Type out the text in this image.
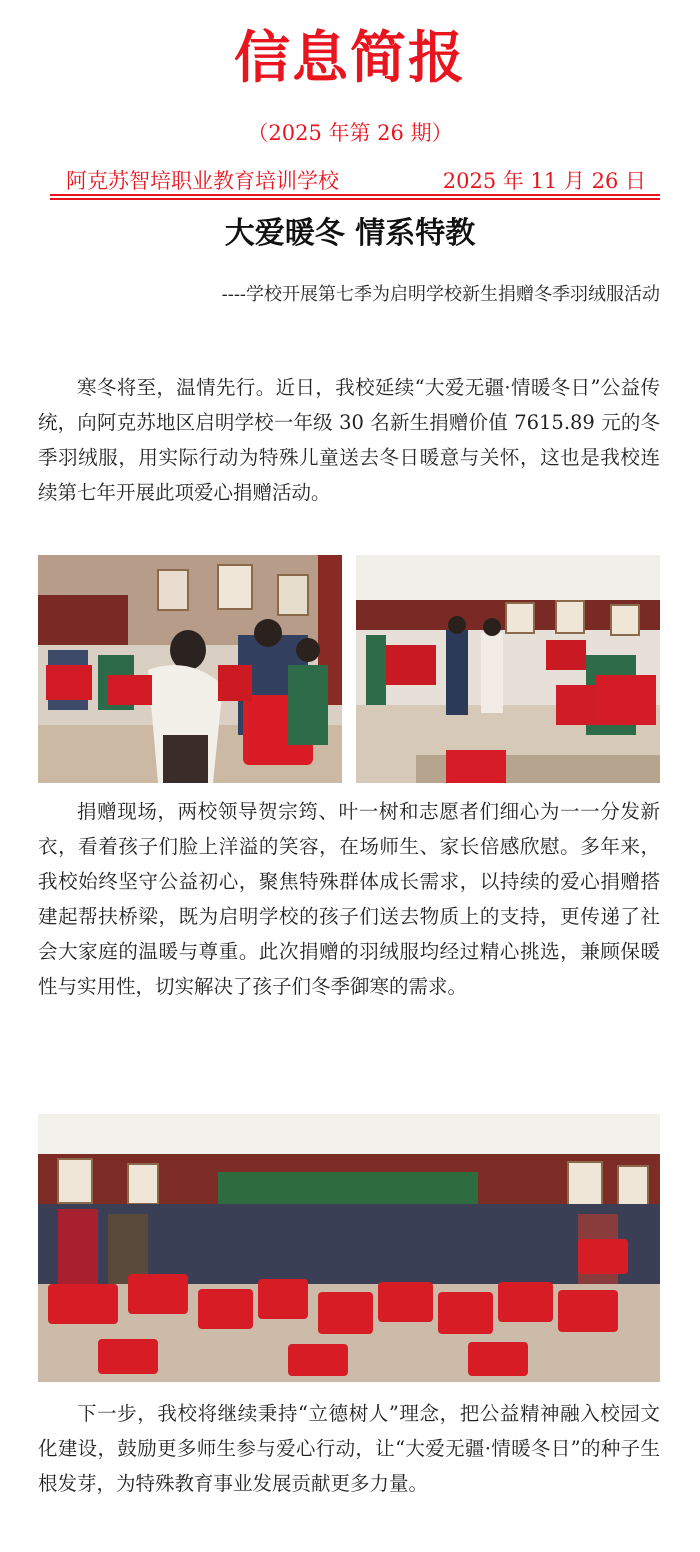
信息简报
（2025 年第 26 期）
阿克苏智培职业教育培训学校	2025 年 11 月 26 日
大爱暖冬 情系特教
----学校开展第七季为启明学校新生捐赠冬季羽绒服活动

寒冬将至，温情先行。近日，我校延续“大爱无疆·情暖冬日”公益传统，向阿克苏地区启明学校一年级 30 名新生捐赠价值 7615.89 元的冬季羽绒服，用实际行动为特殊儿童送去冬日暖意与关怀，这也是我校连续第七年开展此项爱心捐赠活动。

捐赠现场，两校领导贺宗筠、叶一树和志愿者们细心为一一分发新衣，看着孩子们脸上洋溢的笑容，在场师生、家长倍感欣慰。多年来，我校始终坚守公益初心，聚焦特殊群体成长需求，以持续的爱心捐赠搭建起帮扶桥梁，既为启明学校的孩子们送去物质上的支持，更传递了社会大家庭的温暖与尊重。此次捐赠的羽绒服均经过精心挑选，兼顾保暖性与实用性，切实解决了孩子们冬季御寒的需求。

下一步，我校将继续秉持“立德树人”理念，把公益精神融入校园文化建设，鼓励更多师生参与爱心行动，让“大爱无疆·情暖冬日”的种子生根发芽，为特殊教育事业发展贡献更多力量。
